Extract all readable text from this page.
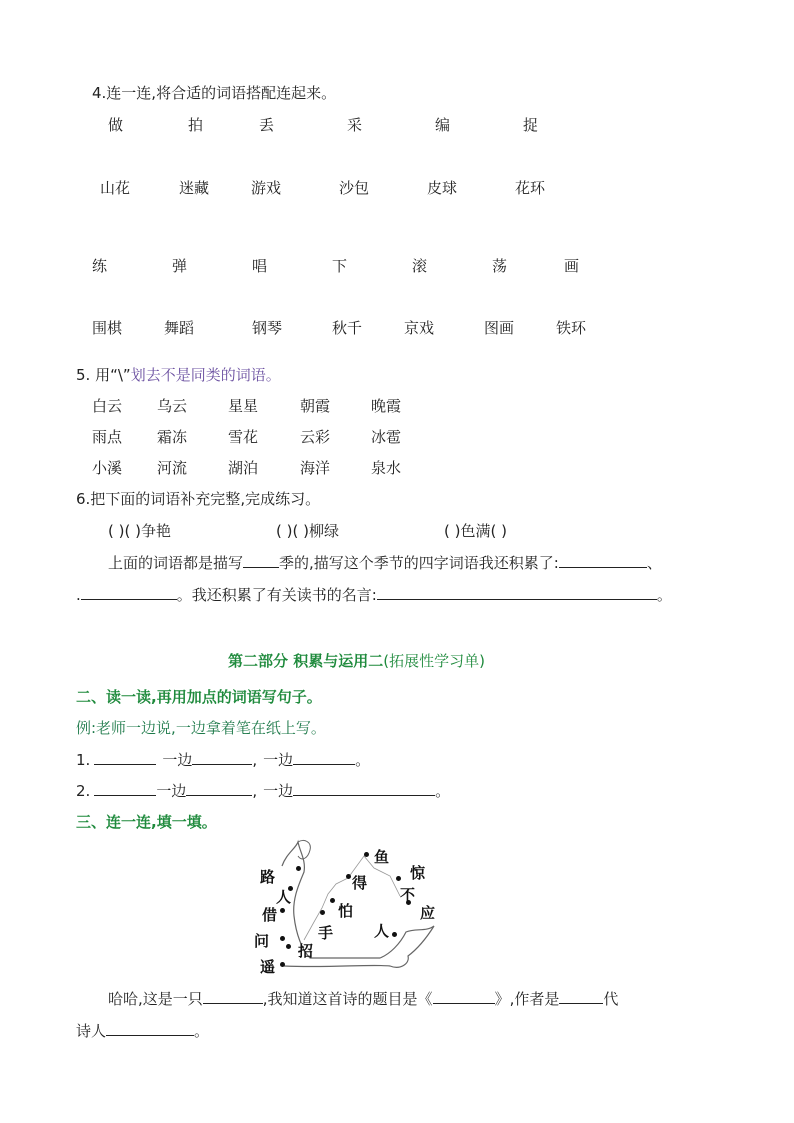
4.连一连,将合适的词语搭配连起来。
做	拍	丢	采	编	捉
山花	迷藏	游戏	沙包	皮球	花环
练	弹	唱	下	滚	荡	画
围棋	舞蹈	钢琴	秋千	京戏	图画	铁环
5. 用“\”划去不是同类的词语。
白云 乌云	星星	朝霞	晚霞
雨点 霜冻	雪花	云彩	冰雹
小溪 河流	湖泊	海洋	泉水
6.把下面的词语补充完整,完成练习。
( )( )争艳	( )( )柳绿	( )色满( )
上面的词语都是描写 季的,描写这个季节的四字词语我还积累了:	、
.	。我还积累了有关读书的名言:	。
第二部分 积累与运用二(拓展性学习单)
二、读一读,再用加点的词语写句子。
例:老师一边说,一边拿着笔在纸上写。
1.	一边	, 一边	。
2.	一边	, 一边	。
三、连一连,填一填。
路
人
借
问
遥
招
手
怕
得
鱼
惊
不
应
人
哈哈,这是一只	,我知道这首诗的题目是《	》,作者是	代
诗人	。
